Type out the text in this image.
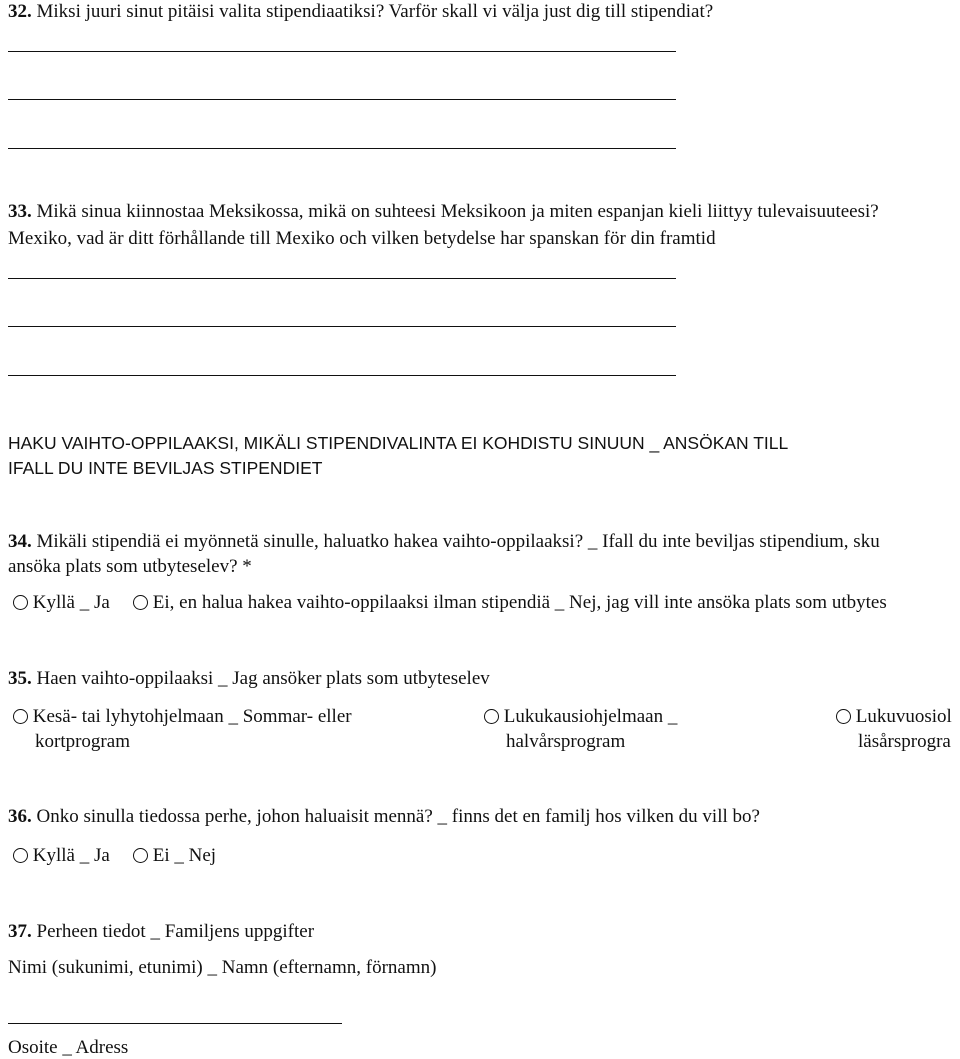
32. Miksi juuri sinut pitäisi valita stipendiaatiksi? Varför skall vi välja just dig till stipendiat?
33. Mikä sinua kiinnostaa Meksikossa, mikä on suhteesi Meksikoon ja miten espanjan kieli liittyy tulevaisuuteesi?
Mexiko, vad är ditt förhållande till Mexiko och vilken betydelse har spanskan för din framtid
HAKU VAIHTO-OPPILAAKSI, MIKÄLI STIPENDIVALINTA EI KOHDISTU SINUUN _ ANSÖKAN TILL
IFALL DU INTE BEVILJAS STIPENDIET
34. Mikäli stipendiä ei myönnetä sinulle, haluatko hakea vaihto-oppilaaksi? _ Ifall du inte beviljas stipendium, sku
ansöka plats som utbyteselev? *
Kyllä _ Ja	Ei, en halua hakea vaihto-oppilaaksi ilman stipendiä _ Nej, jag vill inte ansöka plats som utbytes
35. Haen vaihto-oppilaaksi _ Jag ansöker plats som utbyteselev
Kesä- tai lyhytohjelmaan _ Sommar- eller
kortprogram
Lukukausiohjelmaan _
halvårsprogram
Lukuvuosiol
läsårsprogra
36. Onko sinulla tiedossa perhe, johon haluaisit mennä? _ finns det en familj hos vilken du vill bo?
Kyllä _ Ja	Ei _ Nej
37. Perheen tiedot _ Familjens uppgifter
Nimi (sukunimi, etunimi) _ Namn (efternamn, förnamn)
Osoite _ Adress
